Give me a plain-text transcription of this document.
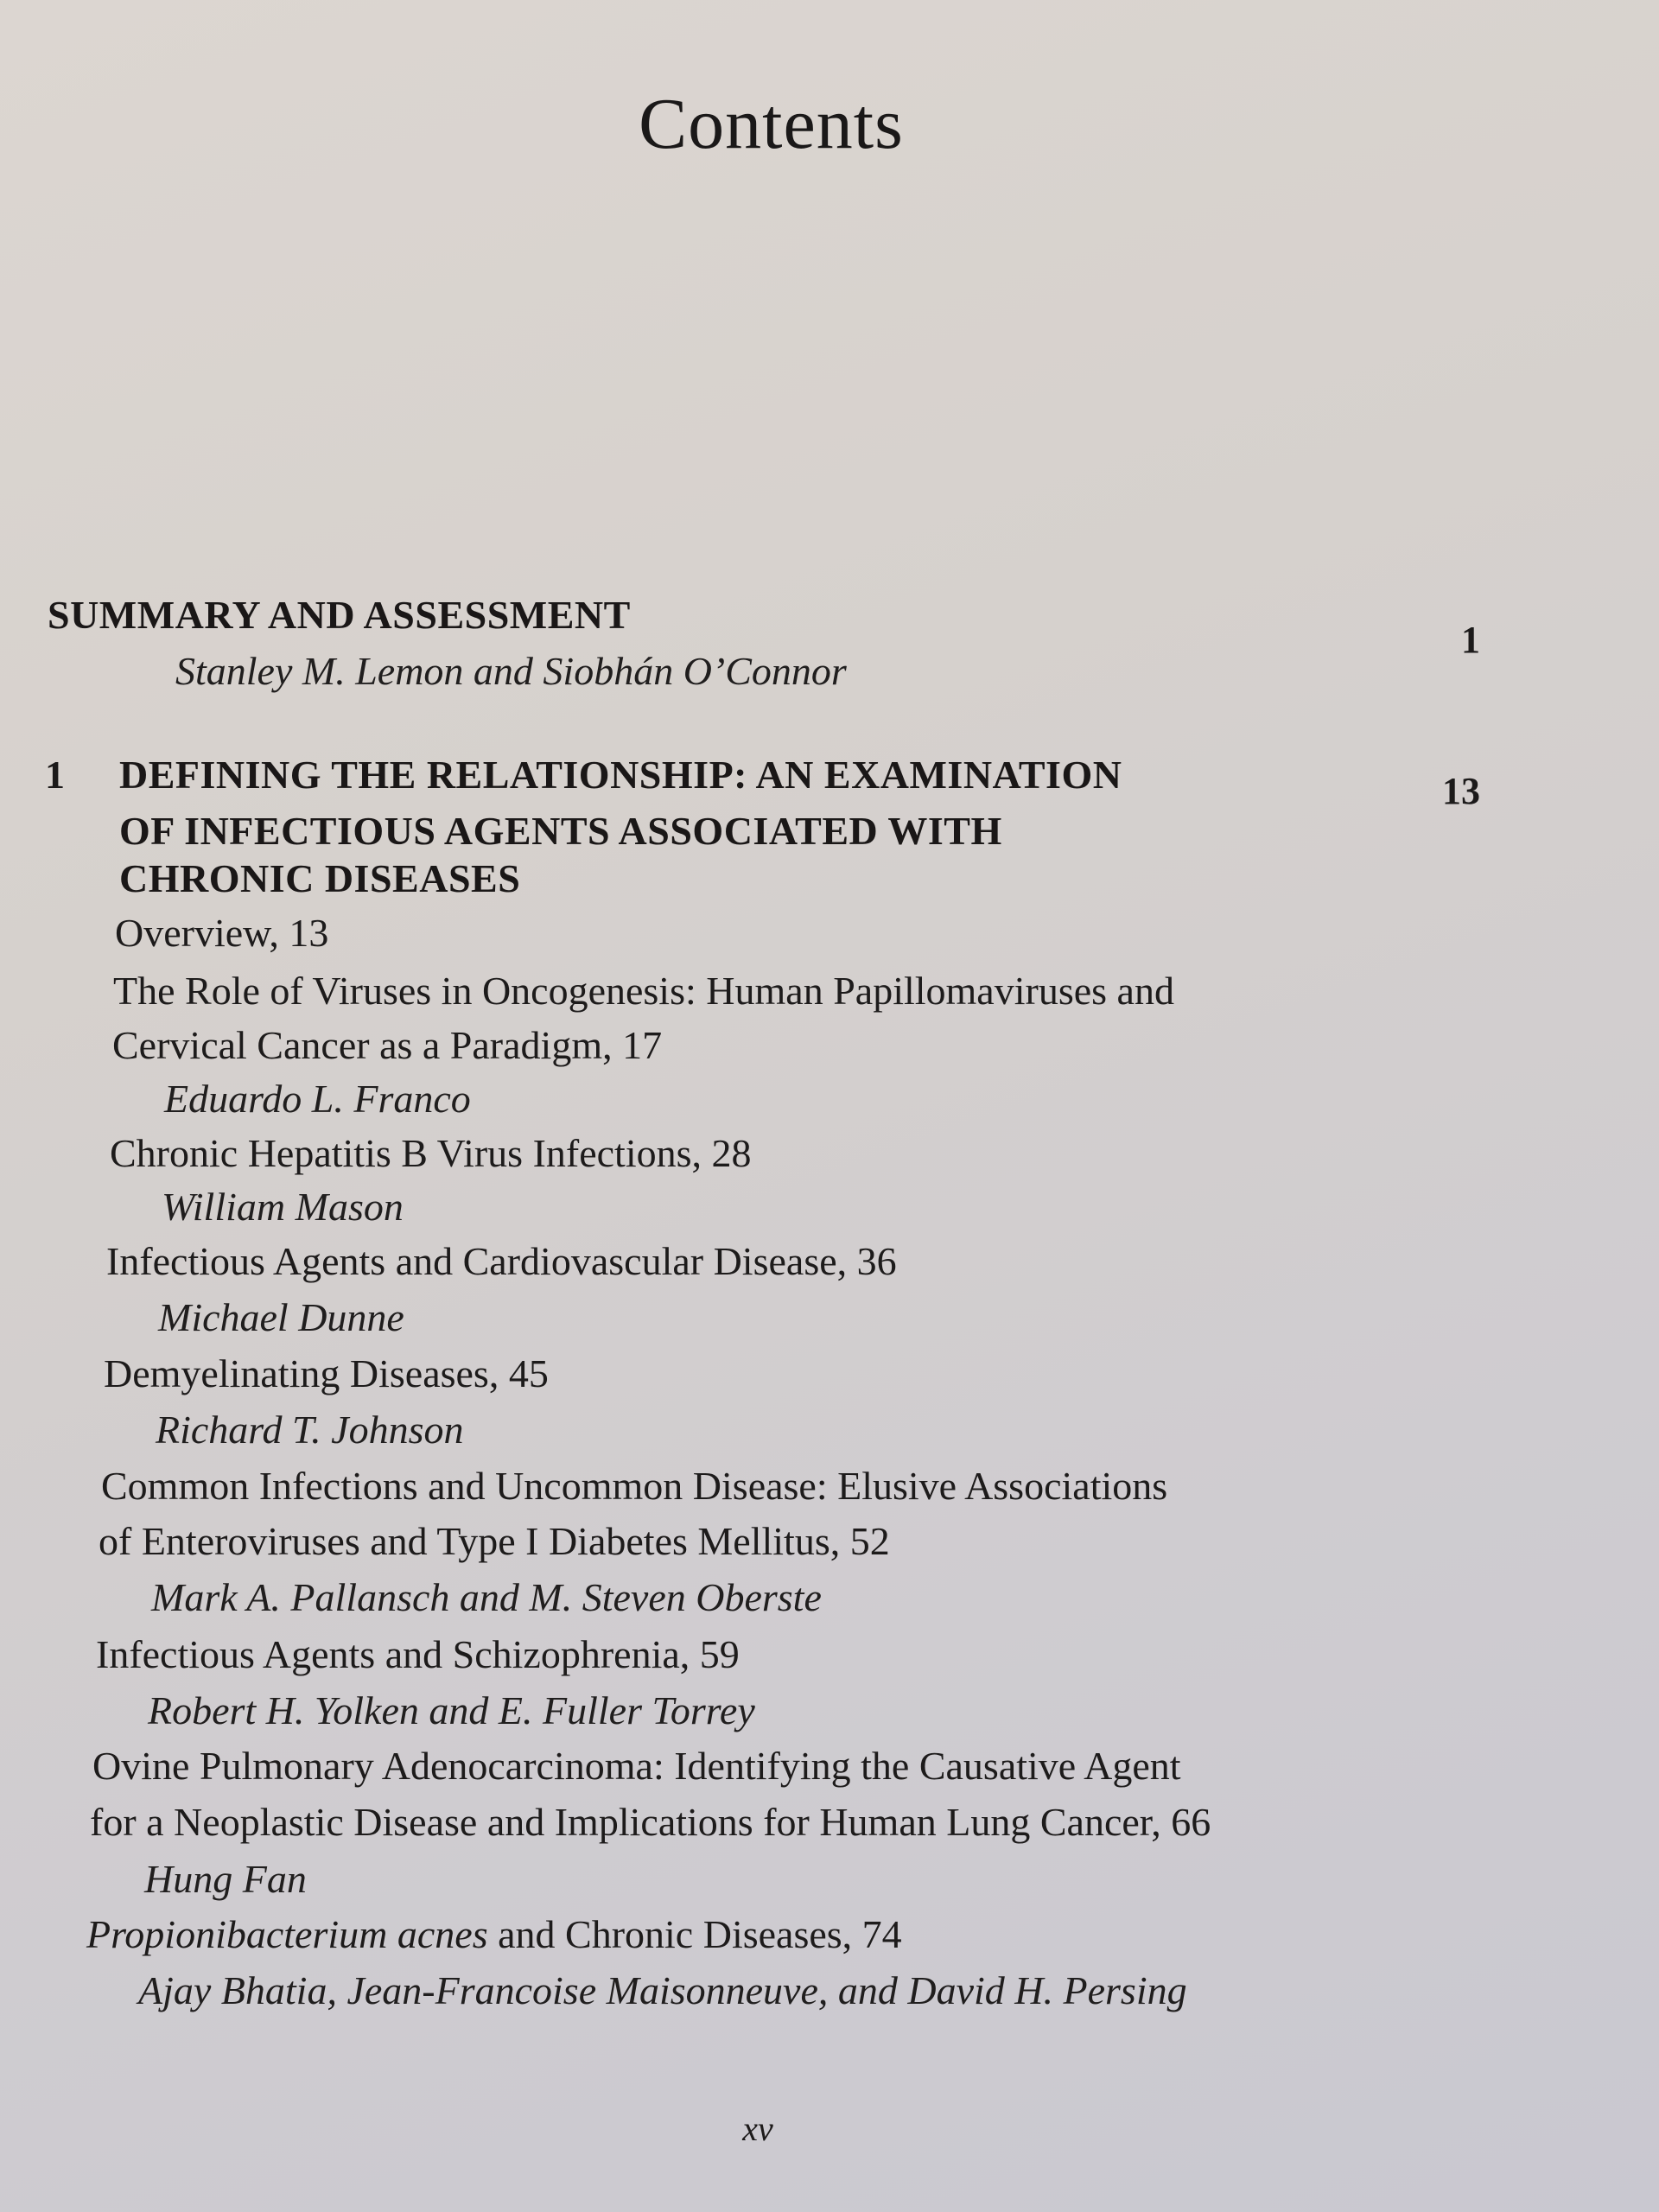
Contents
SUMMARY AND ASSESSMENT
Stanley M. Lemon and Siobhán O’Connor
1
1 DEFINING THE RELATIONSHIP: AN EXAMINATION
OF INFECTIOUS AGENTS ASSOCIATED WITH
CHRONIC DISEASES
13
Overview, 13
The Role of Viruses in Oncogenesis: Human Papillomaviruses and
Cervical Cancer as a Paradigm, 17
Eduardo L. Franco
Chronic Hepatitis B Virus Infections, 28
William Mason
Infectious Agents and Cardiovascular Disease, 36
Michael Dunne
Demyelinating Diseases, 45
Richard T. Johnson
Common Infections and Uncommon Disease: Elusive Associations
of Enteroviruses and Type I Diabetes Mellitus, 52
Mark A. Pallansch and M. Steven Oberste
Infectious Agents and Schizophrenia, 59
Robert H. Yolken and E. Fuller Torrey
Ovine Pulmonary Adenocarcinoma: Identifying the Causative Agent
for a Neoplastic Disease and Implications for Human Lung Cancer, 66
Hung Fan
Propionibacterium acnes and Chronic Diseases, 74
Ajay Bhatia, Jean-Francoise Maisonneuve, and David H. Persing
xv
